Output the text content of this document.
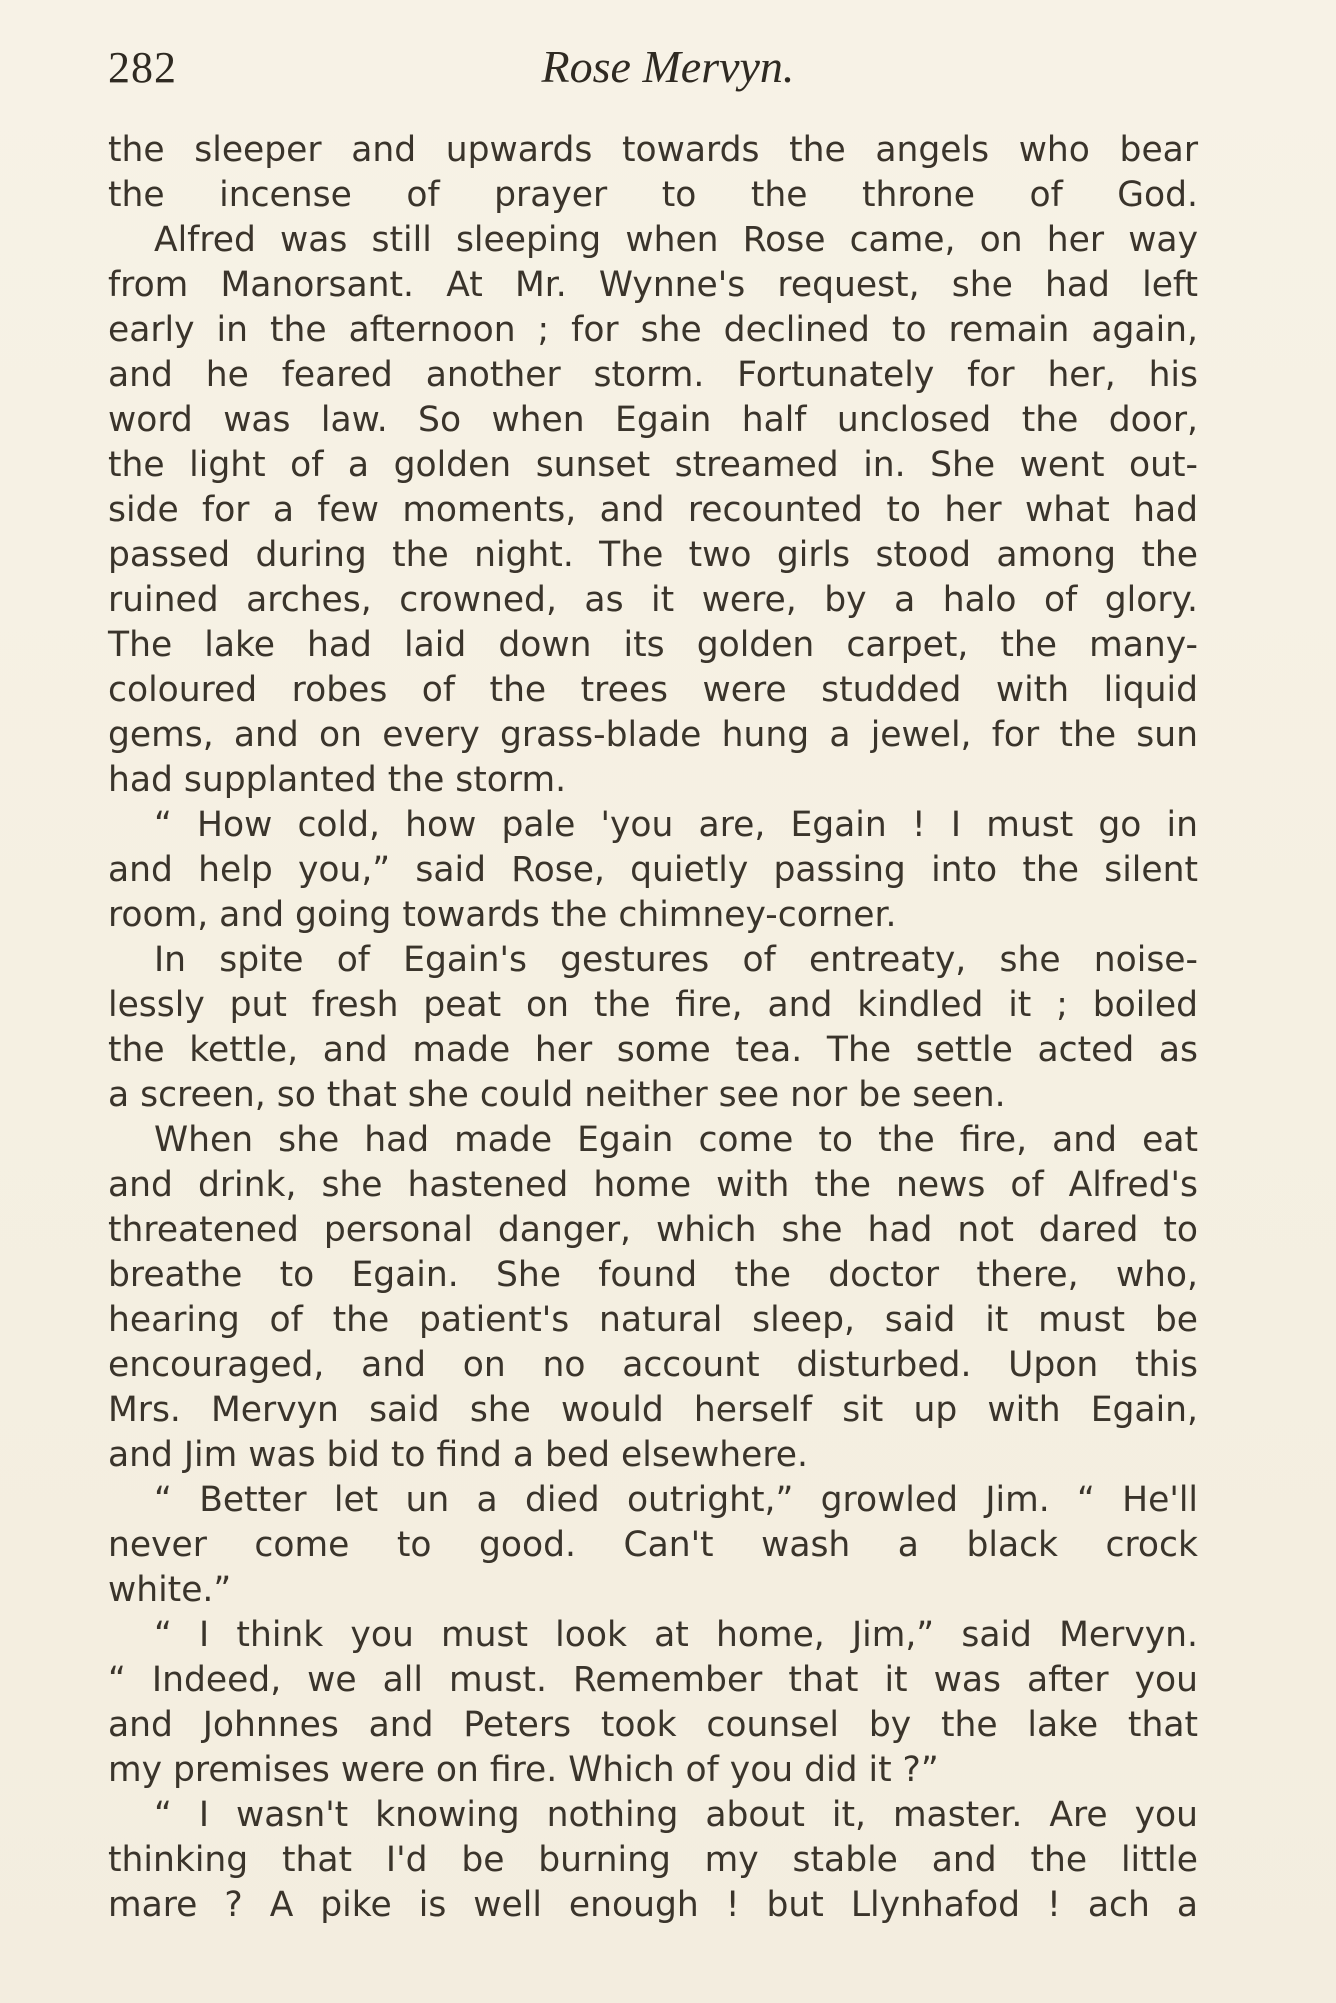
282	Rose Mervyn.

the sleeper and upwards towards the angels who bear
the incense of prayer to the throne of God.

Alfred was still sleeping when Rose came, on her way

from Manorsant. At Mr. Wynne's request, she had left

early in the afternoon ; for she declined to remain again,

and he feared another storm. Fortunately for her, his

word was law. So when Egain half unclosed the door,

the light of a golden sunset streamed in. She went out-

side for a few moments, and recounted to her what had

passed during the night. The two girls stood among the

ruined arches, crowned, as it were, by a halo of glory.

The lake had laid down its golden carpet, the many-

coloured robes of the trees were studded with liquid

gems, and on every grass-blade hung a jewel, for the sun

had supplanted the storm.

“ How cold, how pale 'you are, Egain ! I must go in

and help you,” said Rose, quietly passing into the silent

room, and going towards the chimney-corner.

In spite of Egain's gestures of entreaty, she noise-

lessly put fresh peat on the fire, and kindled it ; boiled

the kettle, and made her some tea. The settle acted as

a screen, so that she could neither see nor be seen.

When she had made Egain come to the fire, and eat

and drink, she hastened home with the news of Alfred's

threatened personal danger, which she had not dared to

breathe to Egain. She found the doctor there, who,

hearing of the patient's natural sleep, said it must be

encouraged, and on no account disturbed. Upon this

Mrs. Mervyn said she would herself sit up with Egain,

and Jim was bid to find a bed elsewhere.

“ Better let un a died outright,” growled Jim. “ He'll

never come to good. Can't wash a black crock

white.”

“ I think you must look at home, Jim,” said Mervyn.

“ Indeed, we all must. Remember that it was after you

and Johnnes and Peters took counsel by the lake that

my premises were on fire. Which of you did it ?”

“ I wasn't knowing nothing about it, master. Are you

thinking that I'd be burning my stable and the little

mare ? A pike is well enough ! but Llynhafod ! ach a
